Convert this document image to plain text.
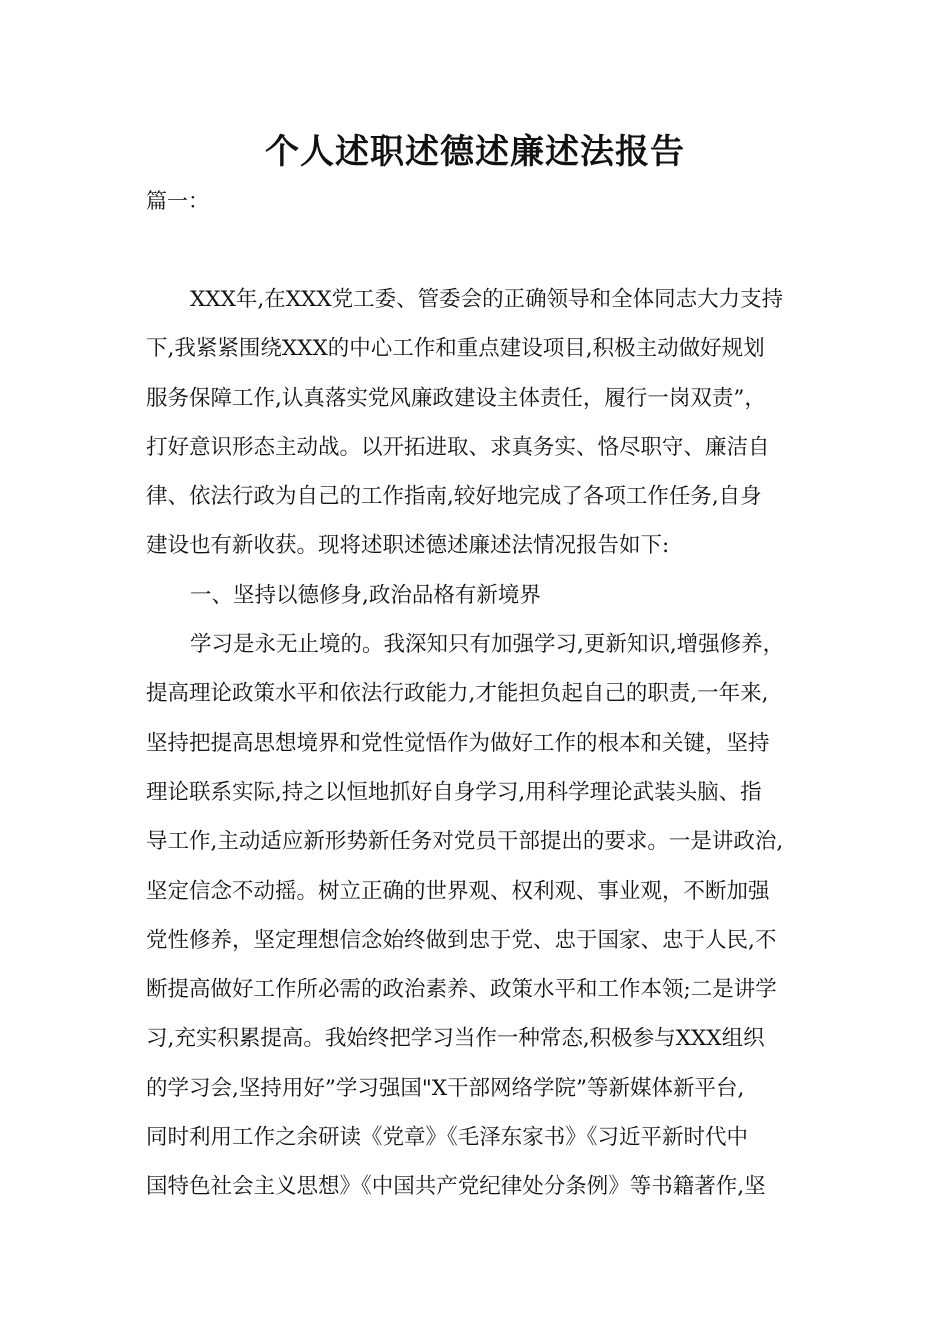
个人述职述德述廉述法报告

篇一：

XXX年,在XXX党工委、管委会的正确领导和全体同志大力支持
下,我紧紧围绕XXX的中心工作和重点建设项目,积极主动做好规划
服务保障工作,认真落实党风廉政建设主体责任，履行一岗双责”，
打好意识形态主动战。以开拓进取、求真务实、恪尽职守、廉洁自
律、依法行政为自己的工作指南,较好地完成了各项工作任务,自身
建设也有新收获。现将述职述德述廉述法情况报告如下:
一、坚持以德修身,政治品格有新境界
学习是永无止境的。我深知只有加强学习,更新知识,增强修养，
提高理论政策水平和依法行政能力,才能担负起自己的职责,一年来,
坚持把提高思想境界和党性觉悟作为做好工作的根本和关键，坚持
理论联系实际,持之以恒地抓好自身学习,用科学理论武装头脑、指
导工作,主动适应新形势新任务对党员干部提出的要求。一是讲政治,
坚定信念不动摇。树立正确的世界观、权利观、事业观，不断加强
党性修养，坚定理想信念始终做到忠于党、忠于国家、忠于人民,不
断提高做好工作所必需的政治素养、政策水平和工作本领;二是讲学
习,充实积累提高。我始终把学习当作一种常态,积极参与XXX组织
的学习会,坚持用好”学习强国"X干部网络学院”等新媒体新平台,
同时利用工作之余研读《党章》《毛泽东家书》《习近平新时代中
国特色社会主义思想》《中国共产党纪律处分条例》等书籍著作,坚
